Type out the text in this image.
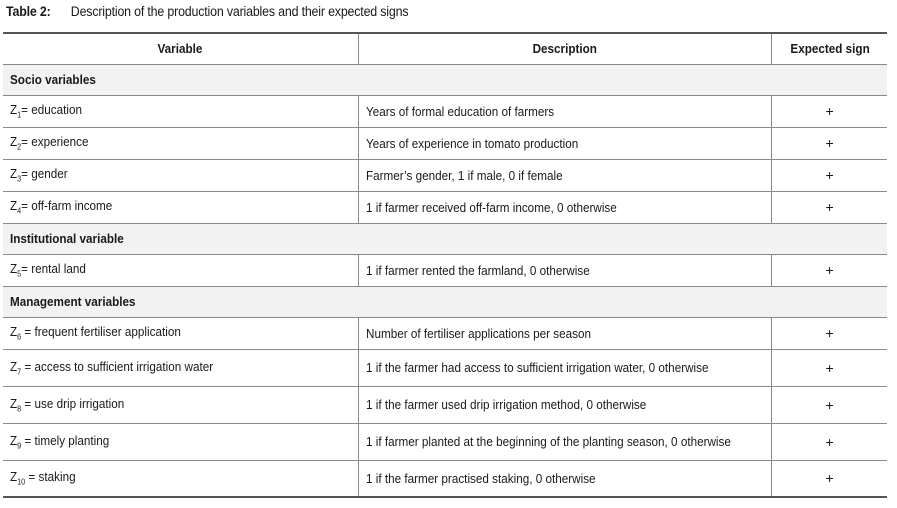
Table 2: Description of the production variables and their expected signs
Variable	Description	Expected sign
Socio variables		
$Z_1=$ education	Years of formal education of farmers	+
$Z_2=$ experience	Years of experience in tomato production	+
$Z_3=$ gender	Farmer’s gender, 1 if male, 0 if female	+
$Z_4=$ off-farm income	1 if farmer received off-farm income, 0 otherwise	+
Institutional variable		
$Z_5=$ rental land	1 if farmer rented the farmland, 0 otherwise	+
Management variables		
$Z_6$ = frequent fertiliser application	Number of fertiliser applications per season	+
$Z_7$ = access to sufficient irrigation water	1 if the farmer had access to sufficient irrigation water, 0 otherwise	+
$Z_8$ = use drip irrigation	1 if the farmer used drip irrigation method, 0 otherwise	+
$Z_9$ = timely planting	1 if farmer planted at the beginning of the planting season, 0 otherwise	+
$Z_{10}$ = staking	1 if the farmer practised staking, 0 otherwise	+
